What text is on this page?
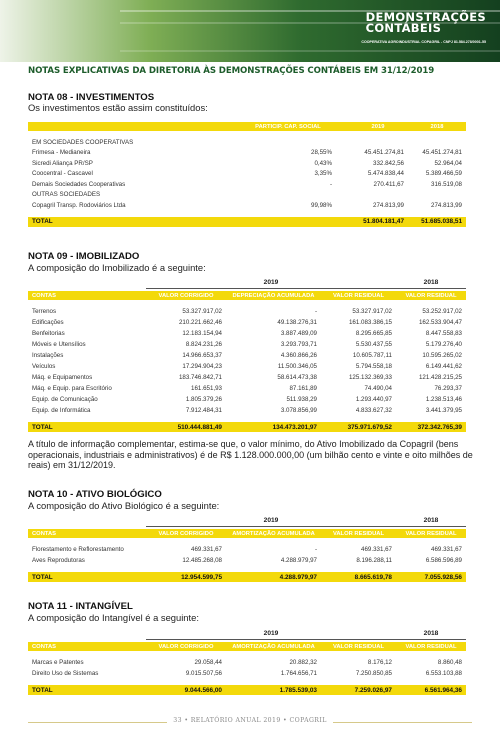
DEMONSTRAÇÕES
CONTÁBEIS
COOPERATIVA AGROINDUSTRIAL COPAGRIL - CNPJ 81.584.278/0001-55
NOTAS EXPLICATIVAS DA DIRETORIA ÀS DEMONSTRAÇÕES CONTÁBEIS EM 31/12/2019
NOTA 08 - INVESTIMENTOS
Os investimentos estão assim constituídos:
	PARTICIP. CAP. SOCIAL	2019	2018

EM SOCIEDADES COOPERATIVAS			
Frimesa - Medianeira	28,55%	45.451.274,81	45.451.274,81
Sicredi Aliança PR/SP	0,43%	332.842,56	52.964,04
Coocentral - Cascavel	3,35%	5.474.838,44	5.389.466,59
Demais Sociedades Cooperativas	-	270.411,67	316.519,08
OUTRAS SOCIEDADES			
Copagril Transp. Rodoviários Ltda	99,98%	274.813,99	274.813,99

TOTAL		51.804.181,47	51.685.038,51
NOTA 09 - IMOBILIZADO
A composição do Imobilizado é a seguinte:
	2019			2018

CONTAS	VALOR CORRIGIDO	DEPRECIAÇÃO ACUMULADA	VALOR RESIDUAL	VALOR RESIDUAL

Terrenos	53.327.917,02	-	53.327.917,02	53.252.917,02
Edificações	210.221.662,46	49.138.276,31	161.083.386,15	162.533.904,47
Benfeitorias	12.183.154,94	3.887.489,09	8.295.665,85	8.447.558,83
Móveis e Utensílios	8.824.231,26	3.293.793,71	5.530.437,55	5.179.276,40
Instalações	14.966.653,37	4.360.866,26	10.605.787,11	10.595.265,02
Veículos	17.294.904,23	11.500.346,05	5.794.558,18	6.149.441,62
Máq. e Equipamentos	183.746.842,71	58.614.473,38	125.132.369,33	121.428.215,25
Máq. e Equip. para Escritório	161.651,93	87.161,89	74.490,04	76.293,37
Equip. de Comunicação	1.805.379,26	511.938,29	1.293.440,97	1.238.513,46
Equip. de Informática	7.912.484,31	3.078.856,99	4.833.627,32	3.441.379,95

TOTAL	510.444.881,49	134.473.201,97	375.971.679,52	372.342.765,39
A título de informação complementar, estima-se que, o valor mínimo, do Ativo Imobilizado da Copagril (bens operacionais, industriais e administrativos) é de R$ 1.128.000.000,00 (um bilhão cento e vinte e oito milhões de reais) em 31/12/2019.
NOTA 10 - ATIVO BIOLÓGICO
A composição do Ativo Biológico é a seguinte:
	2019			2018

CONTAS	VALOR CORRIGIDO	AMORTIZAÇÃO ACUMULADA	VALOR RESIDUAL	VALOR RESIDUAL

Florestamento e Reflorestamento	469.331,67	-	469.331,67	469.331,67
Aves Reprodutoras	12.485.268,08	4.288.979,97	8.196.288,11	6.586.596,89

TOTAL	12.954.599,75	4.288.979,97	8.665.619,78	7.055.928,56
NOTA 11 - INTANGÍVEL
A composição do Intangível é a seguinte:
	2019			2018

CONTAS	VALOR CORRIGIDO	AMORTIZAÇÃO ACUMULADA	VALOR RESIDUAL	VALOR RESIDUAL

Marcas e Patentes	29.058,44	20.882,32	8.176,12	8.860,48
Direito Uso de Sistemas	9.015.507,56	1.764.656,71	7.250.850,85	6.553.103,88

TOTAL	9.044.566,00	1.785.539,03	7.259.026,97	6.561.964,36
33 • RELATÓRIO ANUAL 2019 • COPAGRIL
